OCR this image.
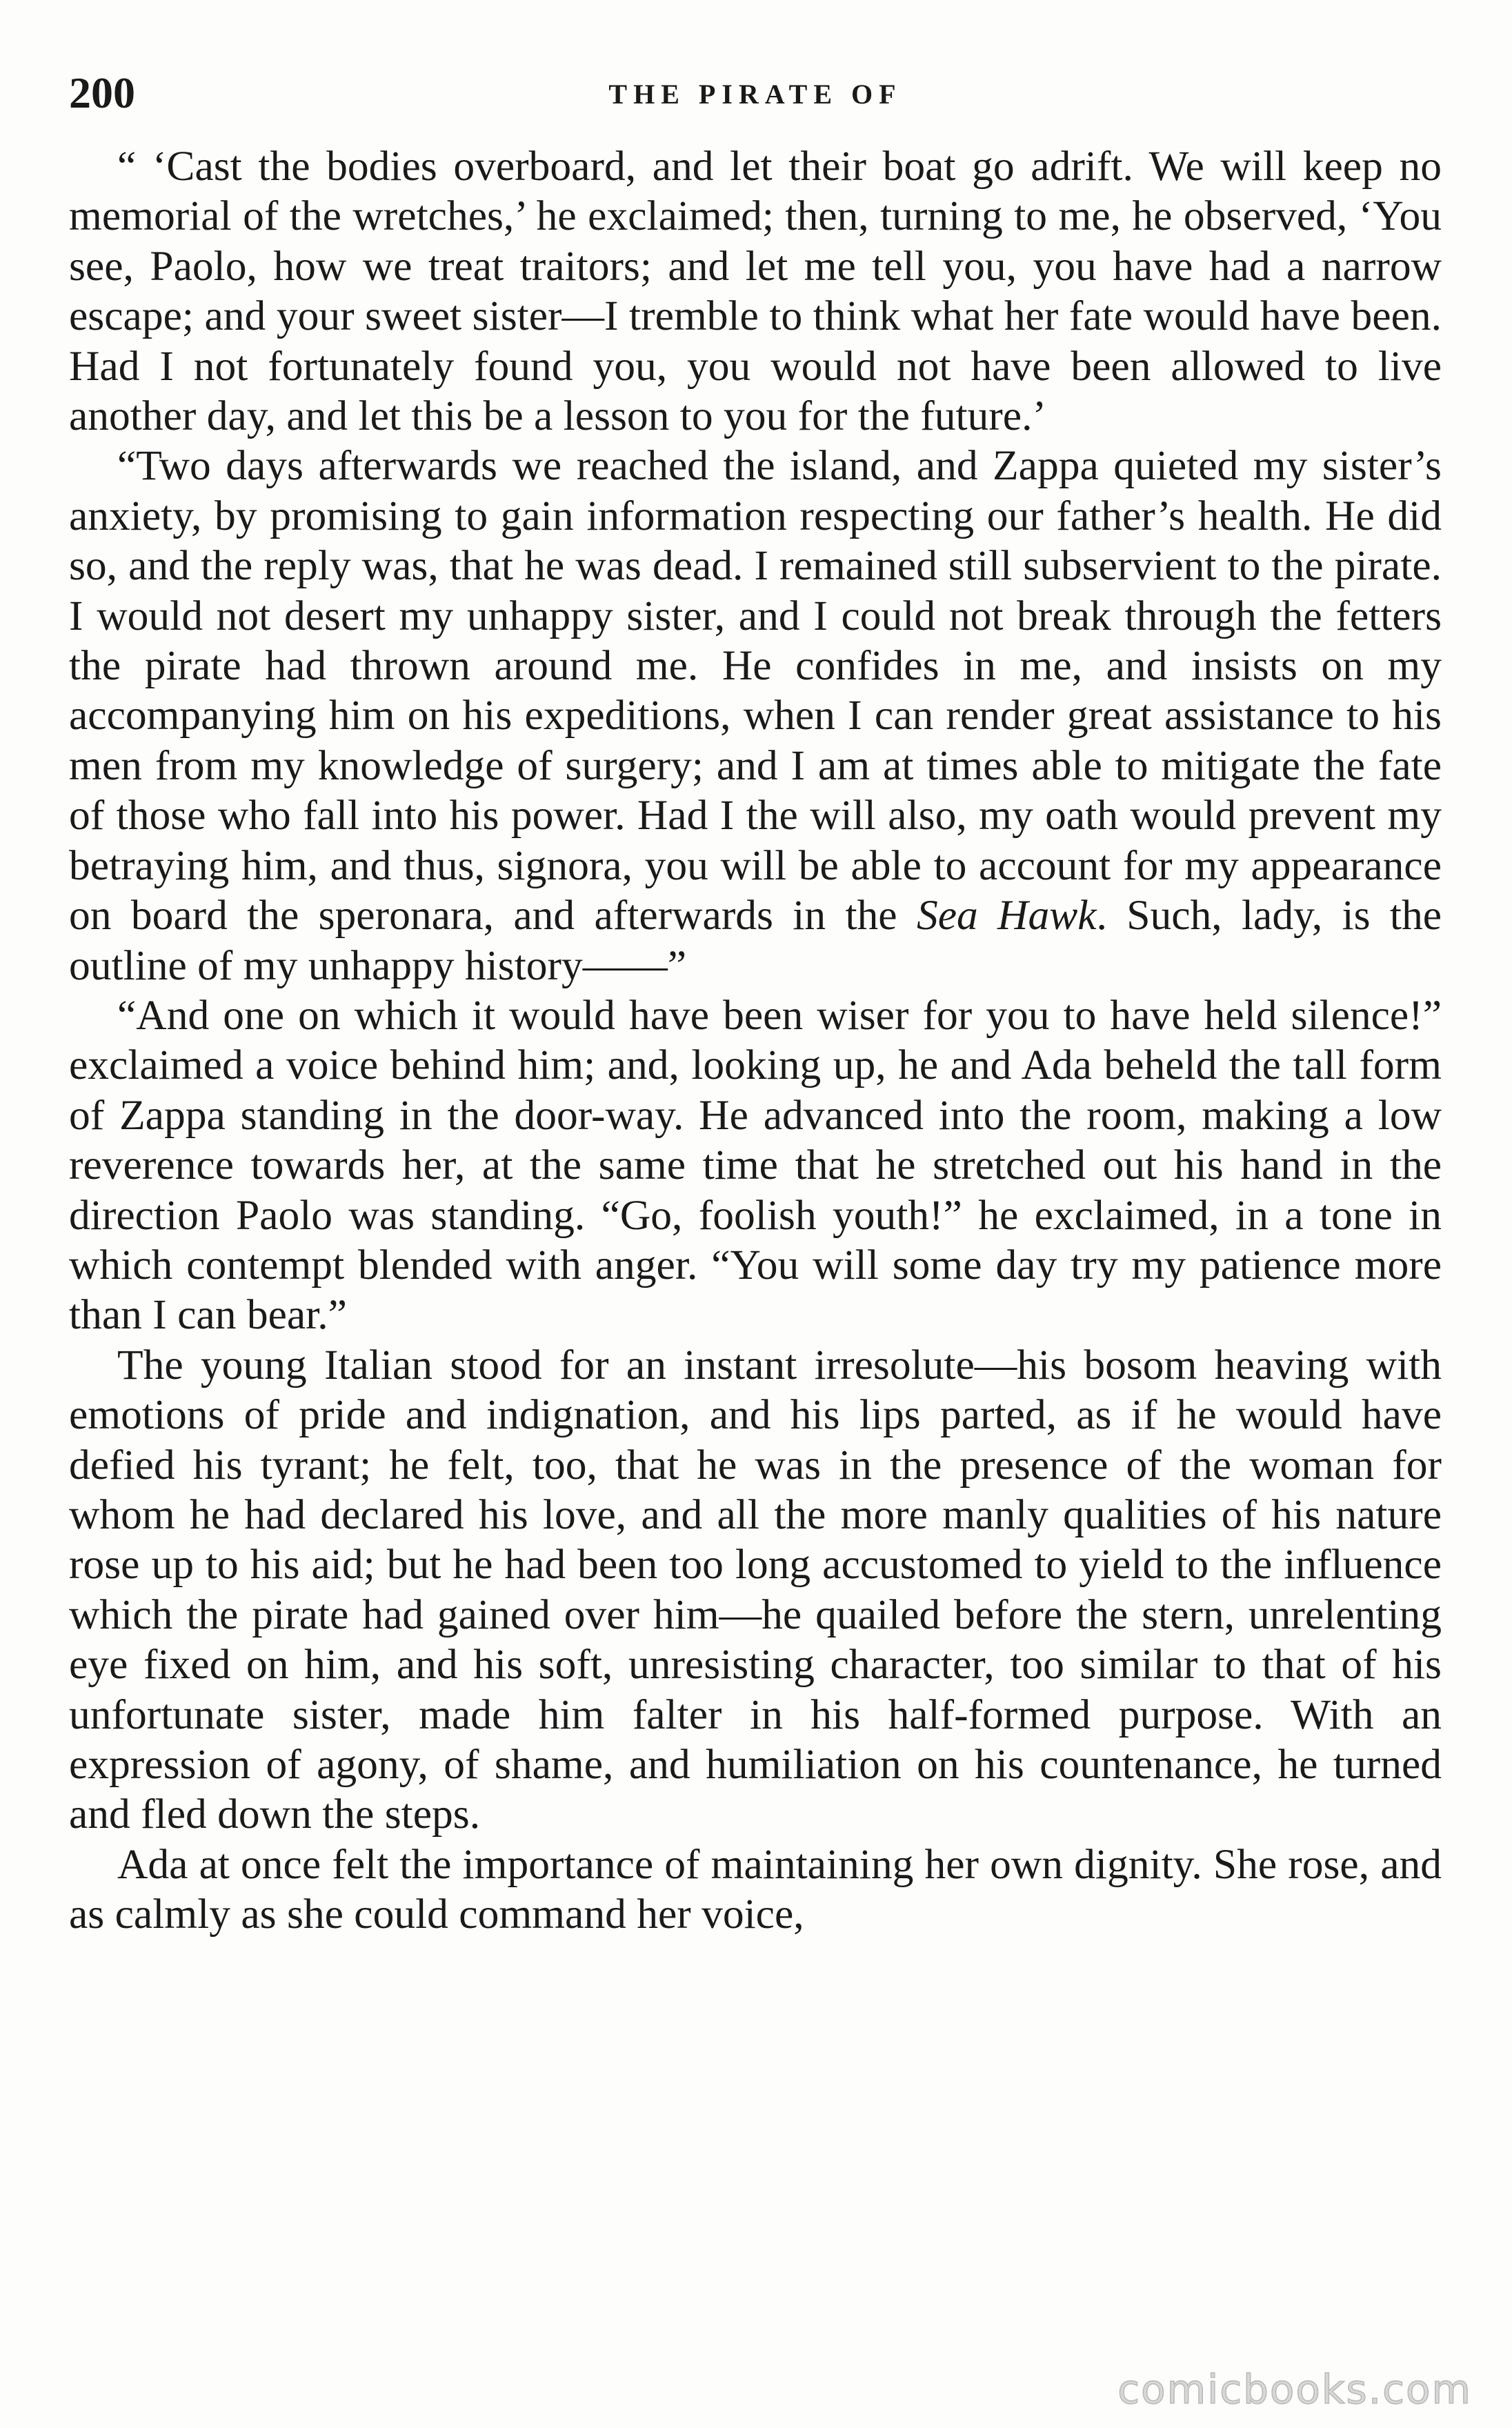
200	THE PIRATE OF

“ ‘Cast the bodies overboard, and let their boat go adrift. We will keep no memorial of the wretches,’ he exclaimed; then, turning to me, he observed, ‘You see, Paolo, how we treat traitors; and let me tell you, you have had a narrow escape; and your sweet sister—I tremble to think what her fate would have been. Had I not fortunately found you, you would not have been allowed to live another day, and let this be a lesson to you for the future.’

“Two days afterwards we reached the island, and Zappa quieted my sister’s anxiety, by promising to gain information respecting our father’s health. He did so, and the reply was, that he was dead. I remained still subservient to the pirate. I would not desert my unhappy sister, and I could not break through the fetters the pirate had thrown around me. He confides in me, and insists on my accompanying him on his expeditions, when I can render great assistance to his men from my knowledge of surgery; and I am at times able to mitigate the fate of those who fall into his power. Had I the will also, my oath would prevent my betraying him, and thus, signora, you will be able to account for my appearance on board the speronara, and afterwards in the Sea Hawk. Such, lady, is the outline of my unhappy history——”

“And one on which it would have been wiser for you to have held silence!” exclaimed a voice behind him; and, looking up, he and Ada beheld the tall form of Zappa standing in the door-way. He advanced into the room, making a low reverence towards her, at the same time that he stretched out his hand in the direction Paolo was standing. “Go, foolish youth!” he exclaimed, in a tone in which contempt blended with anger. “You will some day try my patience more than I can bear.”

The young Italian stood for an instant irresolute—his bosom heaving with emotions of pride and indignation, and his lips parted, as if he would have defied his tyrant; he felt, too, that he was in the presence of the woman for whom he had declared his love, and all the more manly qualities of his nature rose up to his aid; but he had been too long accustomed to yield to the influence which the pirate had gained over him—he quailed before the stern, unrelenting eye fixed on him, and his soft, unresisting character, too similar to that of his unfortunate sister, made him falter in his half-formed purpose. With an expression of agony, of shame, and humiliation on his countenance, he turned and fled down the steps.

Ada at once felt the importance of maintaining her own dignity. She rose, and as calmly as she could command her voice,

comicbooks.com
